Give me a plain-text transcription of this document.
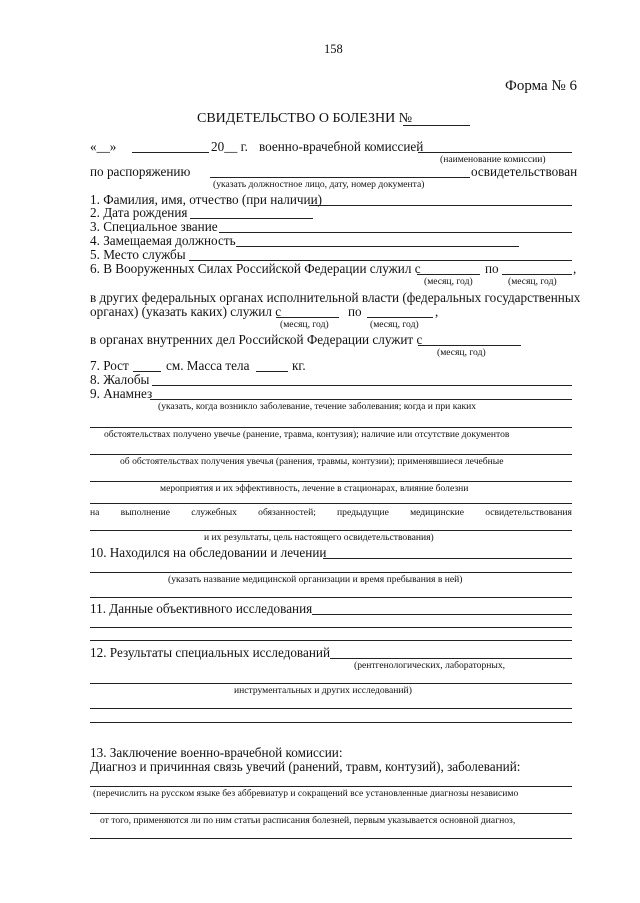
158
Форма № 6
СВИДЕТЕЛЬСТВО О БОЛЕЗНИ №
«__»	20__ г. военно-врачебной комиссией
(наименование комиссии)
по распоряжению	освидетельствован
(указать должностное лицо, дату, номер документа)
1. Фамилия, имя, отчество (при наличии)
2. Дата рождения
3. Специальное звание
4. Замещаемая должность
5. Место службы
6. В Вооруженных Силах Российской Федерации служил с	по	,
(месяц, год)	(месяц, год)
в других федеральных органах исполнительной власти (федеральных государственных
органах) (указать каких) служил с	по	,
(месяц, год)	(месяц, год)
в органах внутренних дел Российской Федерации служит с
(месяц, год)
7. Рост	см. Масса тела	кг.
8. Жалобы
9. Анамнез
(указать, когда возникло заболевание, течение заболевания; когда и при каких
обстоятельствах получено увечье (ранение, травма, контузия); наличие или отсутствие документов
об обстоятельствах получения увечья (ранения, травмы, контузии); применявшиеся лечебные
мероприятия и их эффективность, лечение в стационарах, влияние болезни
на выполнение служебных обязанностей; предыдущие медицинские освидетельствования
и их результаты, цель настоящего освидетельствования)
10. Находился на обследовании и лечении
(указать название медицинской организации и время пребывания в ней)
11. Данные объективного исследования
12. Результаты специальных исследований
(рентгенологических, лабораторных,
инструментальных и других исследований)
13. Заключение военно-врачебной комиссии:
Диагноз и причинная связь увечий (ранений, травм, контузий), заболеваний:
(перечислить на русском языке без аббревиатур и сокращений все установленные диагнозы независимо
от того, применяются ли по ним статьи расписания болезней, первым указывается основной диагноз,
